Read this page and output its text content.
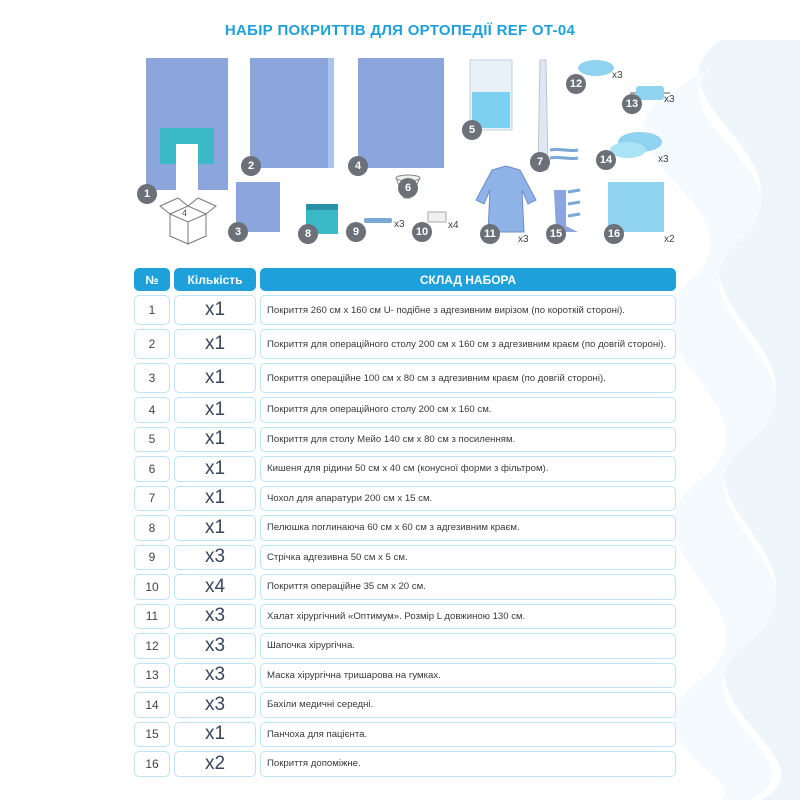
НАБІР ПОКРИТТІВ ДЛЯ ОРТОПЕДІЇ REF OT-04
4
1
2
3
4
5
6
7
8	9	10	11
12
13
14
15	16
x3	x4
x3
x3
x3
x3
x2
№		Кількість		СКЛАД НАБОРА
1		x1		Покриття 260 см х 160 см U- подібне з адгезивним вирізом (по короткій стороні).
2		x1		Покриття для операційного столу 200 см х 160 см з адгезивним краєм (по довгій стороні).
3		x1		Покриття операційне 100 см х 80 см з адгезивним краєм (по довгій стороні).
4		x1		Покриття для операційного столу 200 см х 160 см.
5		x1		Покриття для столу Мейо 140 см х 80 см з посиленням.
6		x1		Кишеня для рідини 50 см х 40 см (конусної форми з фільтром).
7		x1		Чохол для апаратури 200 см х 15 см.
8		x1		Пелюшка поглинаюча 60 см х 60 см з адгезивним краєм.
9		x3		Стрічка адгезивна 50 см х 5 см.
10		x4		Покриття операційне 35 см х 20 см.
11		x3		Халат хірургічний «Оптимум». Розмір L довжиною 130 см.
12		x3		Шапочка хірургічна.
13		x3		Маска хірургічна тришарова на гумках.
14		x3		Бахіли медичні середні.
15		x1		Панчоха для пацієнта.
16		x2		Покриття допоміжне.
